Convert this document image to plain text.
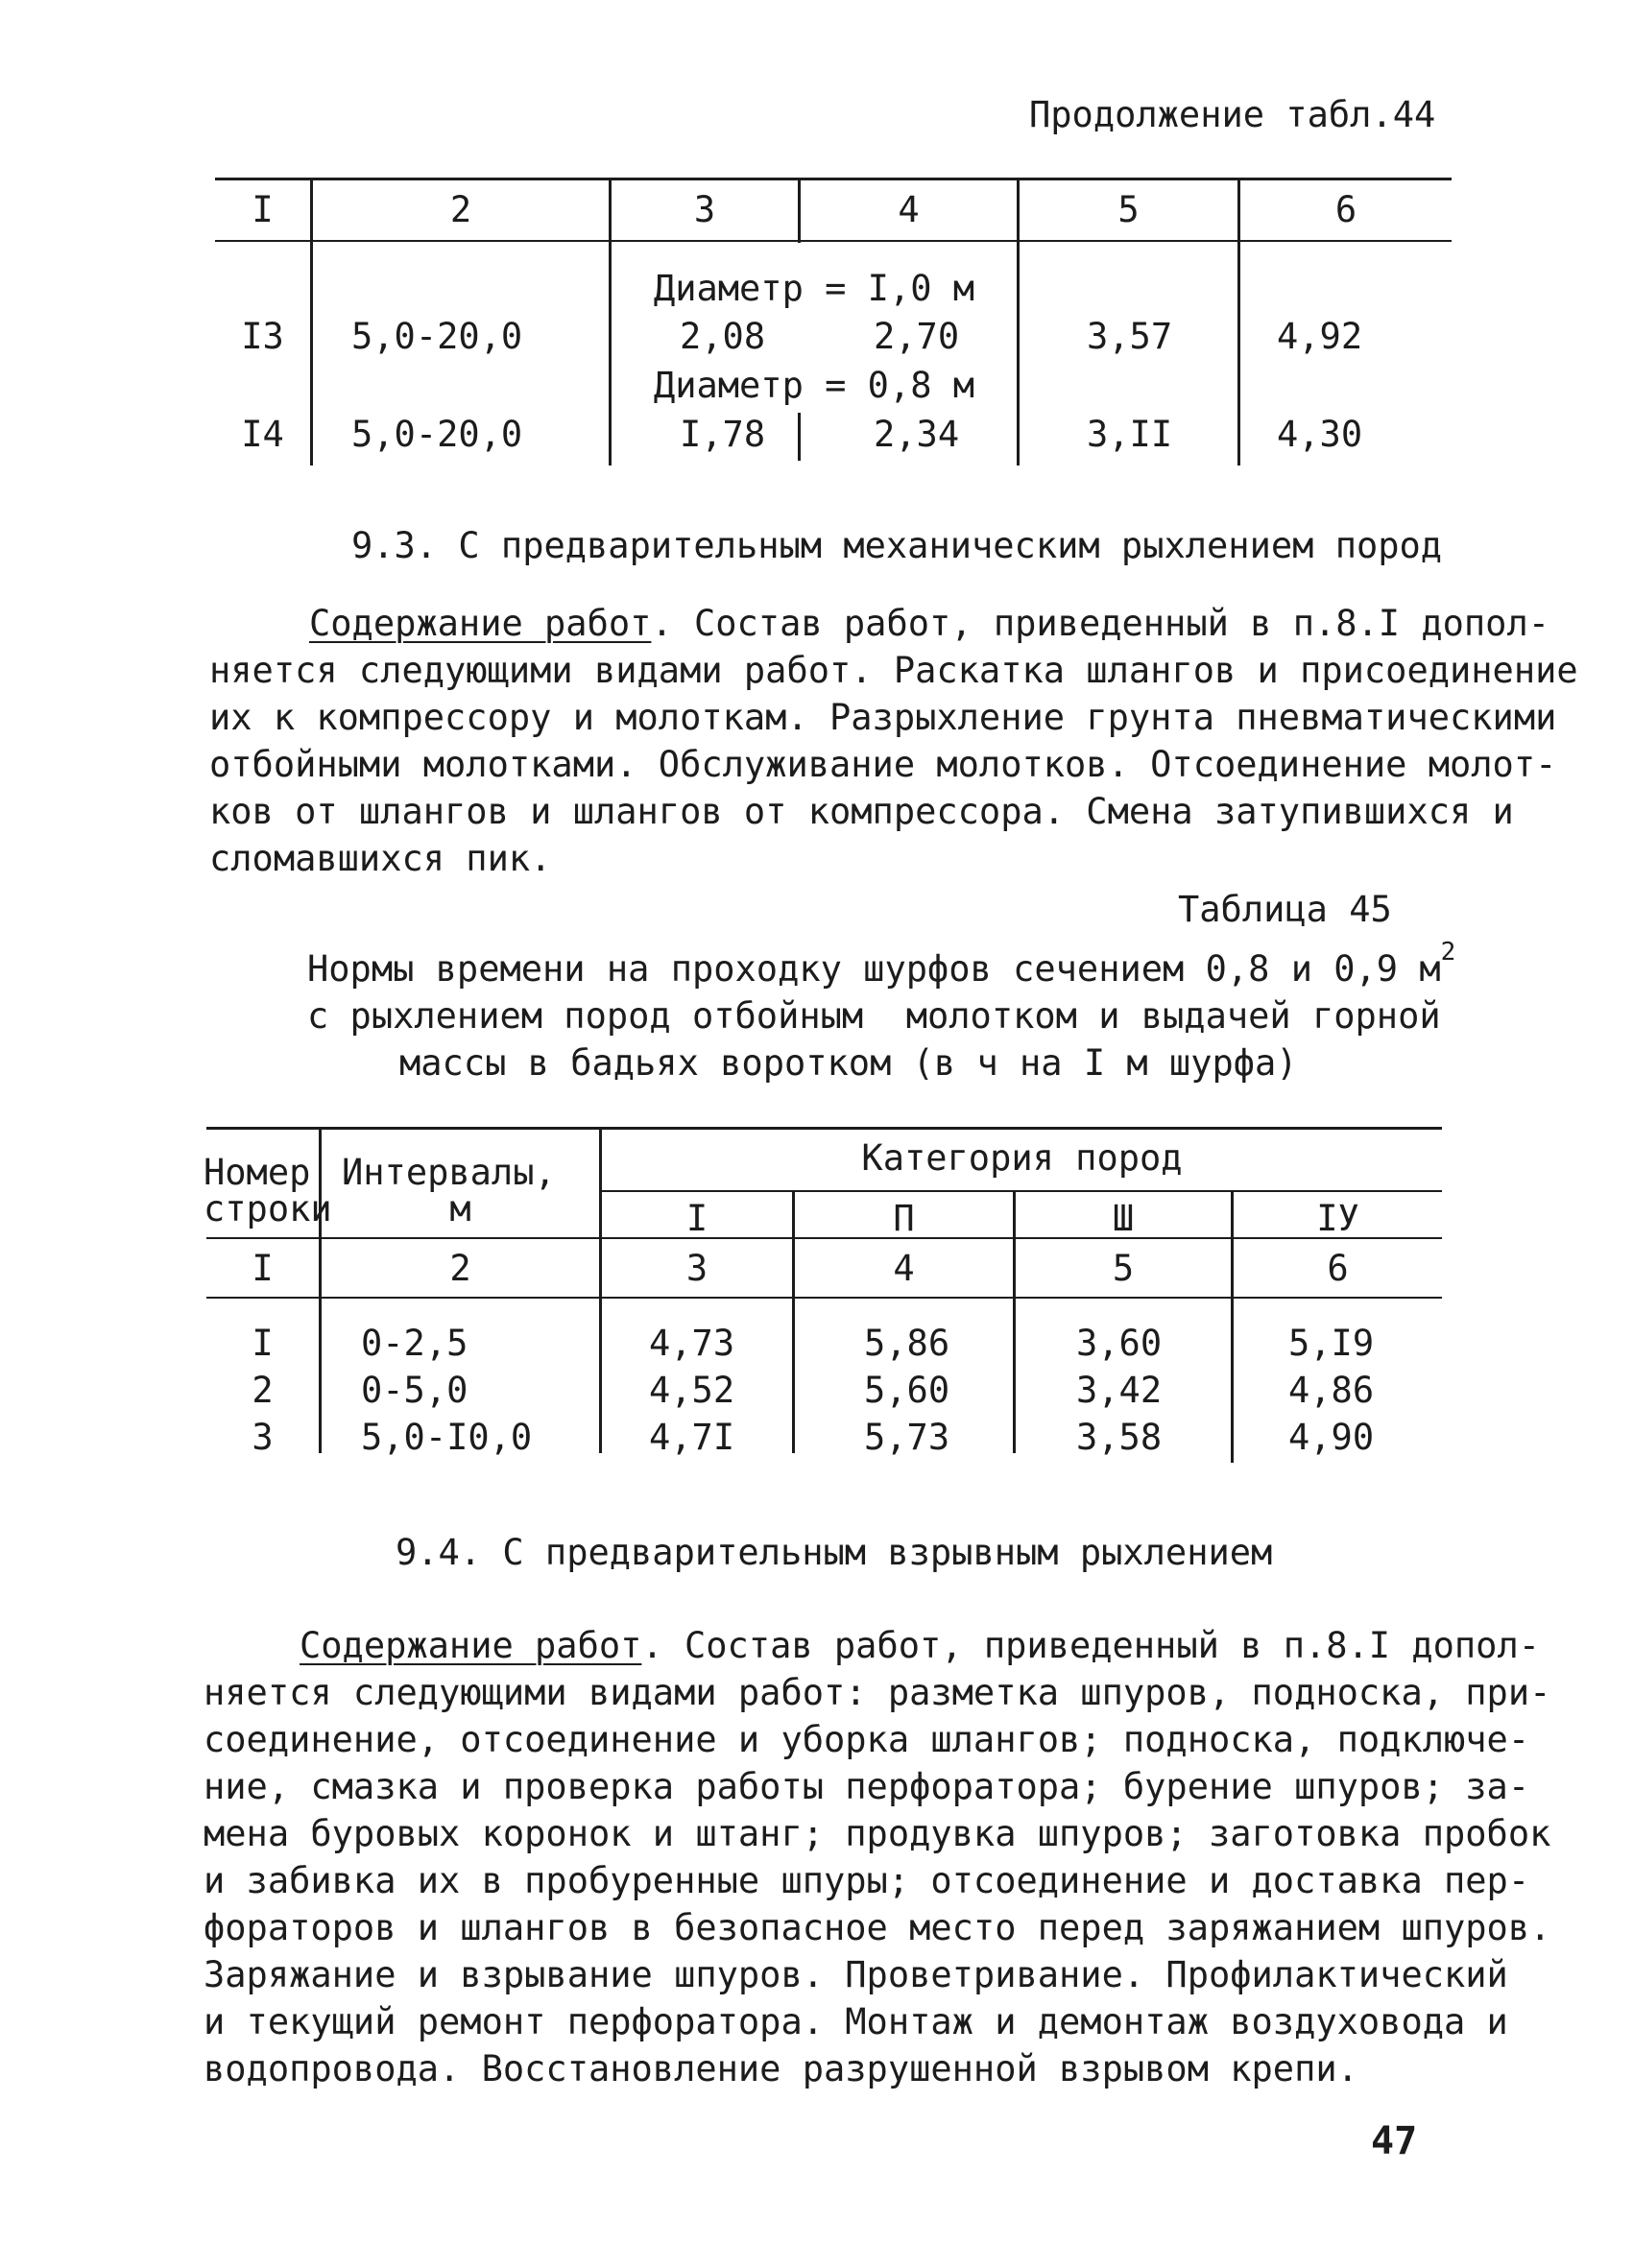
Продолжение табл.44
I	2	3	4	5	6
Диаметр = I,0 м
I3	5,0-20,0	2,08	2,70	3,57	4,92
Диаметр = 0,8 м
I4	5,0-20,0	I,78	2,34	3,II	4,30
9.3. С предварительным механическим рыхлением пород
Содержание работ. Состав работ, приведенный в п.8.I допол-
няется следующими видами работ. Раскатка шлангов и присоединение
их к компрессору и молоткам. Разрыхление грунта пневматическими
отбойными молотками. Обслуживание молотков. Отсоединение молот-
ков от шлангов и шлангов от компрессора. Смена затупившихся и
сломавшихся пик.
Таблица 45
Нормы времени на проходку шурфов сечением 0,8 и 0,9 $м^2$
с рыхлением пород отбойным  молотком и выдачей горной
массы в бадьях воротком (в ч на I м шурфа)
Номер
строки
Интервалы,
м
Категория пород
I	П	Ш	IУ
I	2	3	4	5	6
I	0-2,5	4,73	5,86	3,60	5,I9
2	0-5,0	4,52	5,60	3,42	4,86
3	5,0-I0,0	4,7I	5,73	3,58	4,90
9.4. С предварительным взрывным рыхлением
Содержание работ. Состав работ, приведенный в п.8.I допол-
няется следующими видами работ: разметка шпуров, подноска, при-
соединение, отсоединение и уборка шлангов; подноска, подключе-
ние, смазка и проверка работы перфоратора; бурение шпуров; за-
мена буровых коронок и штанг; продувка шпуров; заготовка пробок
и забивка их в пробуренные шпуры; отсоединение и доставка пер-
фораторов и шлангов в безопасное место перед заряжанием шпуров.
Заряжание и взрывание шпуров. Проветривание. Профилактический
и текущий ремонт перфоратора. Монтаж и демонтаж воздуховода и
водопровода. Восстановление разрушенной взрывом крепи.
47
